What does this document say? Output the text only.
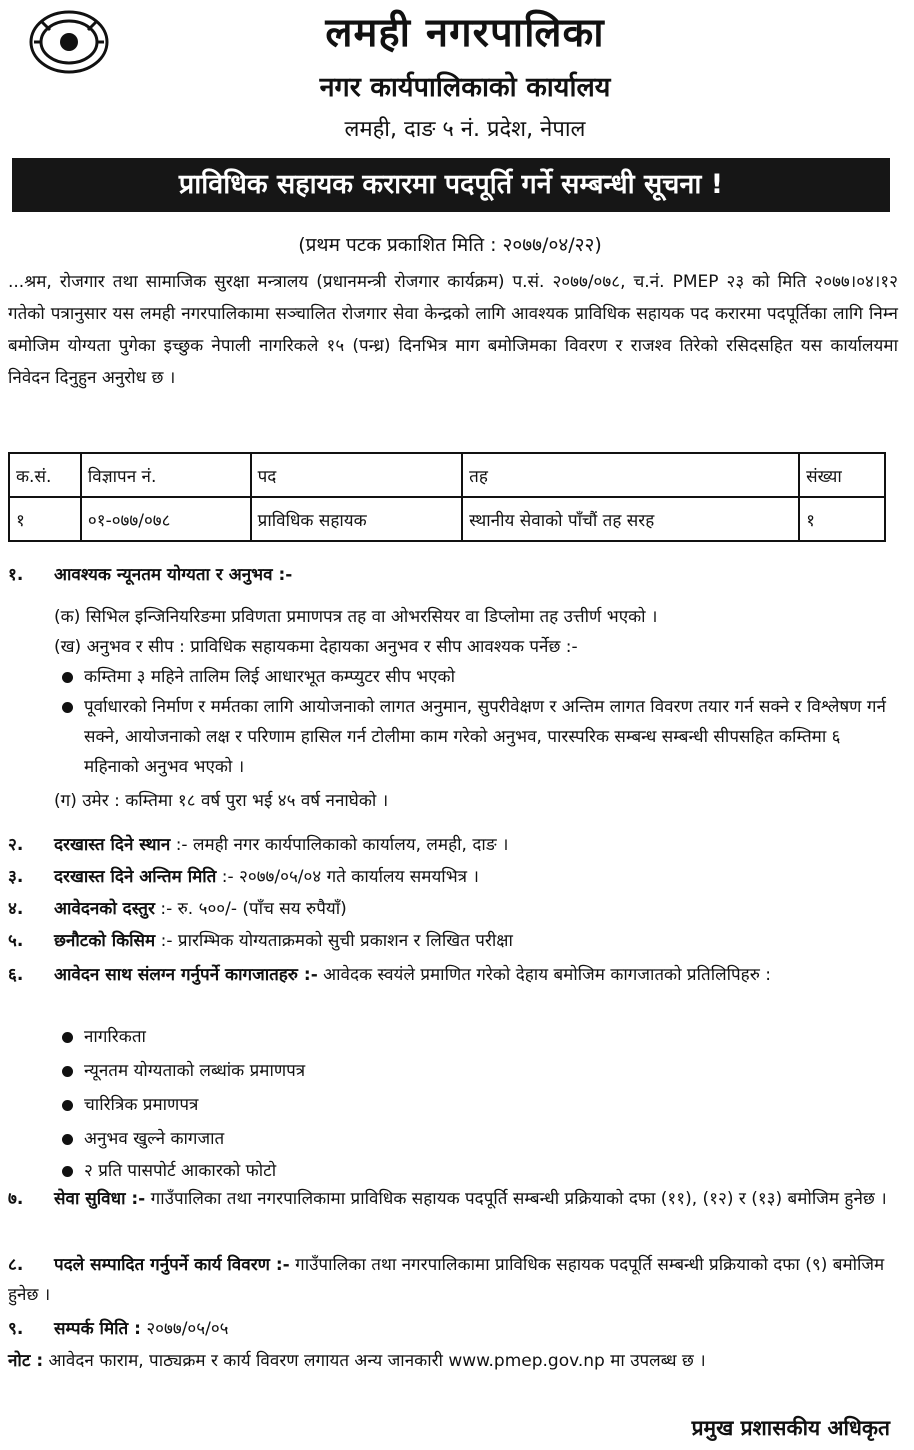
लमही नगरपालिका
नगर कार्यपालिकाको कार्यालय
लमही, दाङ ५ नं. प्रदेश, नेपाल
प्राविधिक सहायक करारमा पदपूर्ति गर्ने सम्बन्धी सूचना !
(प्रथम पटक प्रकाशित मिति : २०७७/०४/२२)
...श्रम, रोजगार तथा सामाजिक सुरक्षा मन्त्रालय (प्रधानमन्त्री रोजगार कार्यक्रम) प.सं. २०७७/०७८, च.नं. PMEP २३ को मिति २०७७।०४।१२ गतेको पत्रानुसार यस लमही नगरपालिकामा सञ्चालित रोजगार सेवा केन्द्रको लागि आवश्यक प्राविधिक सहायक पद करारमा पदपूर्तिका लागि निम्न बमोजिम योग्यता पुगेका इच्छुक नेपाली नागरिकले १५ (पन्ध्र) दिनभित्र माग बमोजिमका विवरण र राजश्व तिरेको रसिदसहित यस कार्यालयमा निवेदन दिनुहुन अनुरोध छ ।
क.सं.	विज्ञापन नं.	पद	तह	संख्या
१	०१-०७७/०७८	प्राविधिक सहायक	स्थानीय सेवाको पाँचौं तह सरह	१
१. आवश्यक न्यूनतम योग्यता र अनुभव :-
(क) सिभिल इन्जिनियरिङमा प्रविणता प्रमाणपत्र तह वा ओभरसियर वा डिप्लोमा तह उत्तीर्ण भएको ।
(ख) अनुभव र सीप : प्राविधिक सहायकमा देहायका अनुभव र सीप आवश्यक पर्नेछ :-
कम्तिमा ३ महिने तालिम लिई आधारभूत कम्प्युटर सीप भएको
पूर्वाधारको निर्माण र मर्मतका लागि आयोजनाको लागत अनुमान, सुपरीवेक्षण र अन्तिम लागत विवरण तयार गर्न सक्ने र विश्लेषण गर्न सक्ने, आयोजनाको लक्ष र परिणाम हासिल गर्न टोलीमा काम गरेको अनुभव, पारस्परिक सम्बन्ध सम्बन्धी सीपसहित कम्तिमा ६ महिनाको अनुभव भएको ।
(ग) उमेर : कम्तिमा १८ वर्ष पुरा भई ४५ वर्ष ननाघेको ।
२. दरखास्त दिने स्थान :- लमही नगर कार्यपालिकाको कार्यालय, लमही, दाङ ।
३. दरखास्त दिने अन्तिम मिति :- २०७७/०५/०४ गते कार्यालय समयभित्र ।
४. आवेदनको दस्तुर :- रु. ५००/- (पाँच सय रुपैयाँ)
५. छनौटको किसिम :- प्रारम्भिक योग्यताक्रमको सुची प्रकाशन र लिखित परीक्षा
६. आवेदन साथ संलग्न गर्नुपर्ने कागजातहरु :- आवेदक स्वयंले प्रमाणित गरेको देहाय बमोजिम कागजातको प्रतिलिपिहरु :
नागरिकता
न्यूनतम योग्यताको लब्धांक प्रमाणपत्र
चारित्रिक प्रमाणपत्र
अनुभव खुल्ने कागजात
२ प्रति पासपोर्ट आकारको फोटो
७. सेवा सुविधा :- गाउँपालिका तथा नगरपालिकामा प्राविधिक सहायक पदपूर्ति सम्बन्धी प्रक्रियाको दफा (११), (१२) र (१३) बमोजिम हुनेछ ।
८. पदले सम्पादित गर्नुपर्ने कार्य विवरण :- गाउँपालिका तथा नगरपालिकामा प्राविधिक सहायक पदपूर्ति सम्बन्धी प्रक्रियाको दफा (९) बमोजिम हुनेछ ।
९. सम्पर्क मिति : २०७७/०५/०५
नोट : आवेदन फाराम, पाठ्यक्रम र कार्य विवरण लगायत अन्य जानकारी www.pmep.gov.np मा उपलब्ध छ ।
प्रमुख प्रशासकीय अधिकृत
